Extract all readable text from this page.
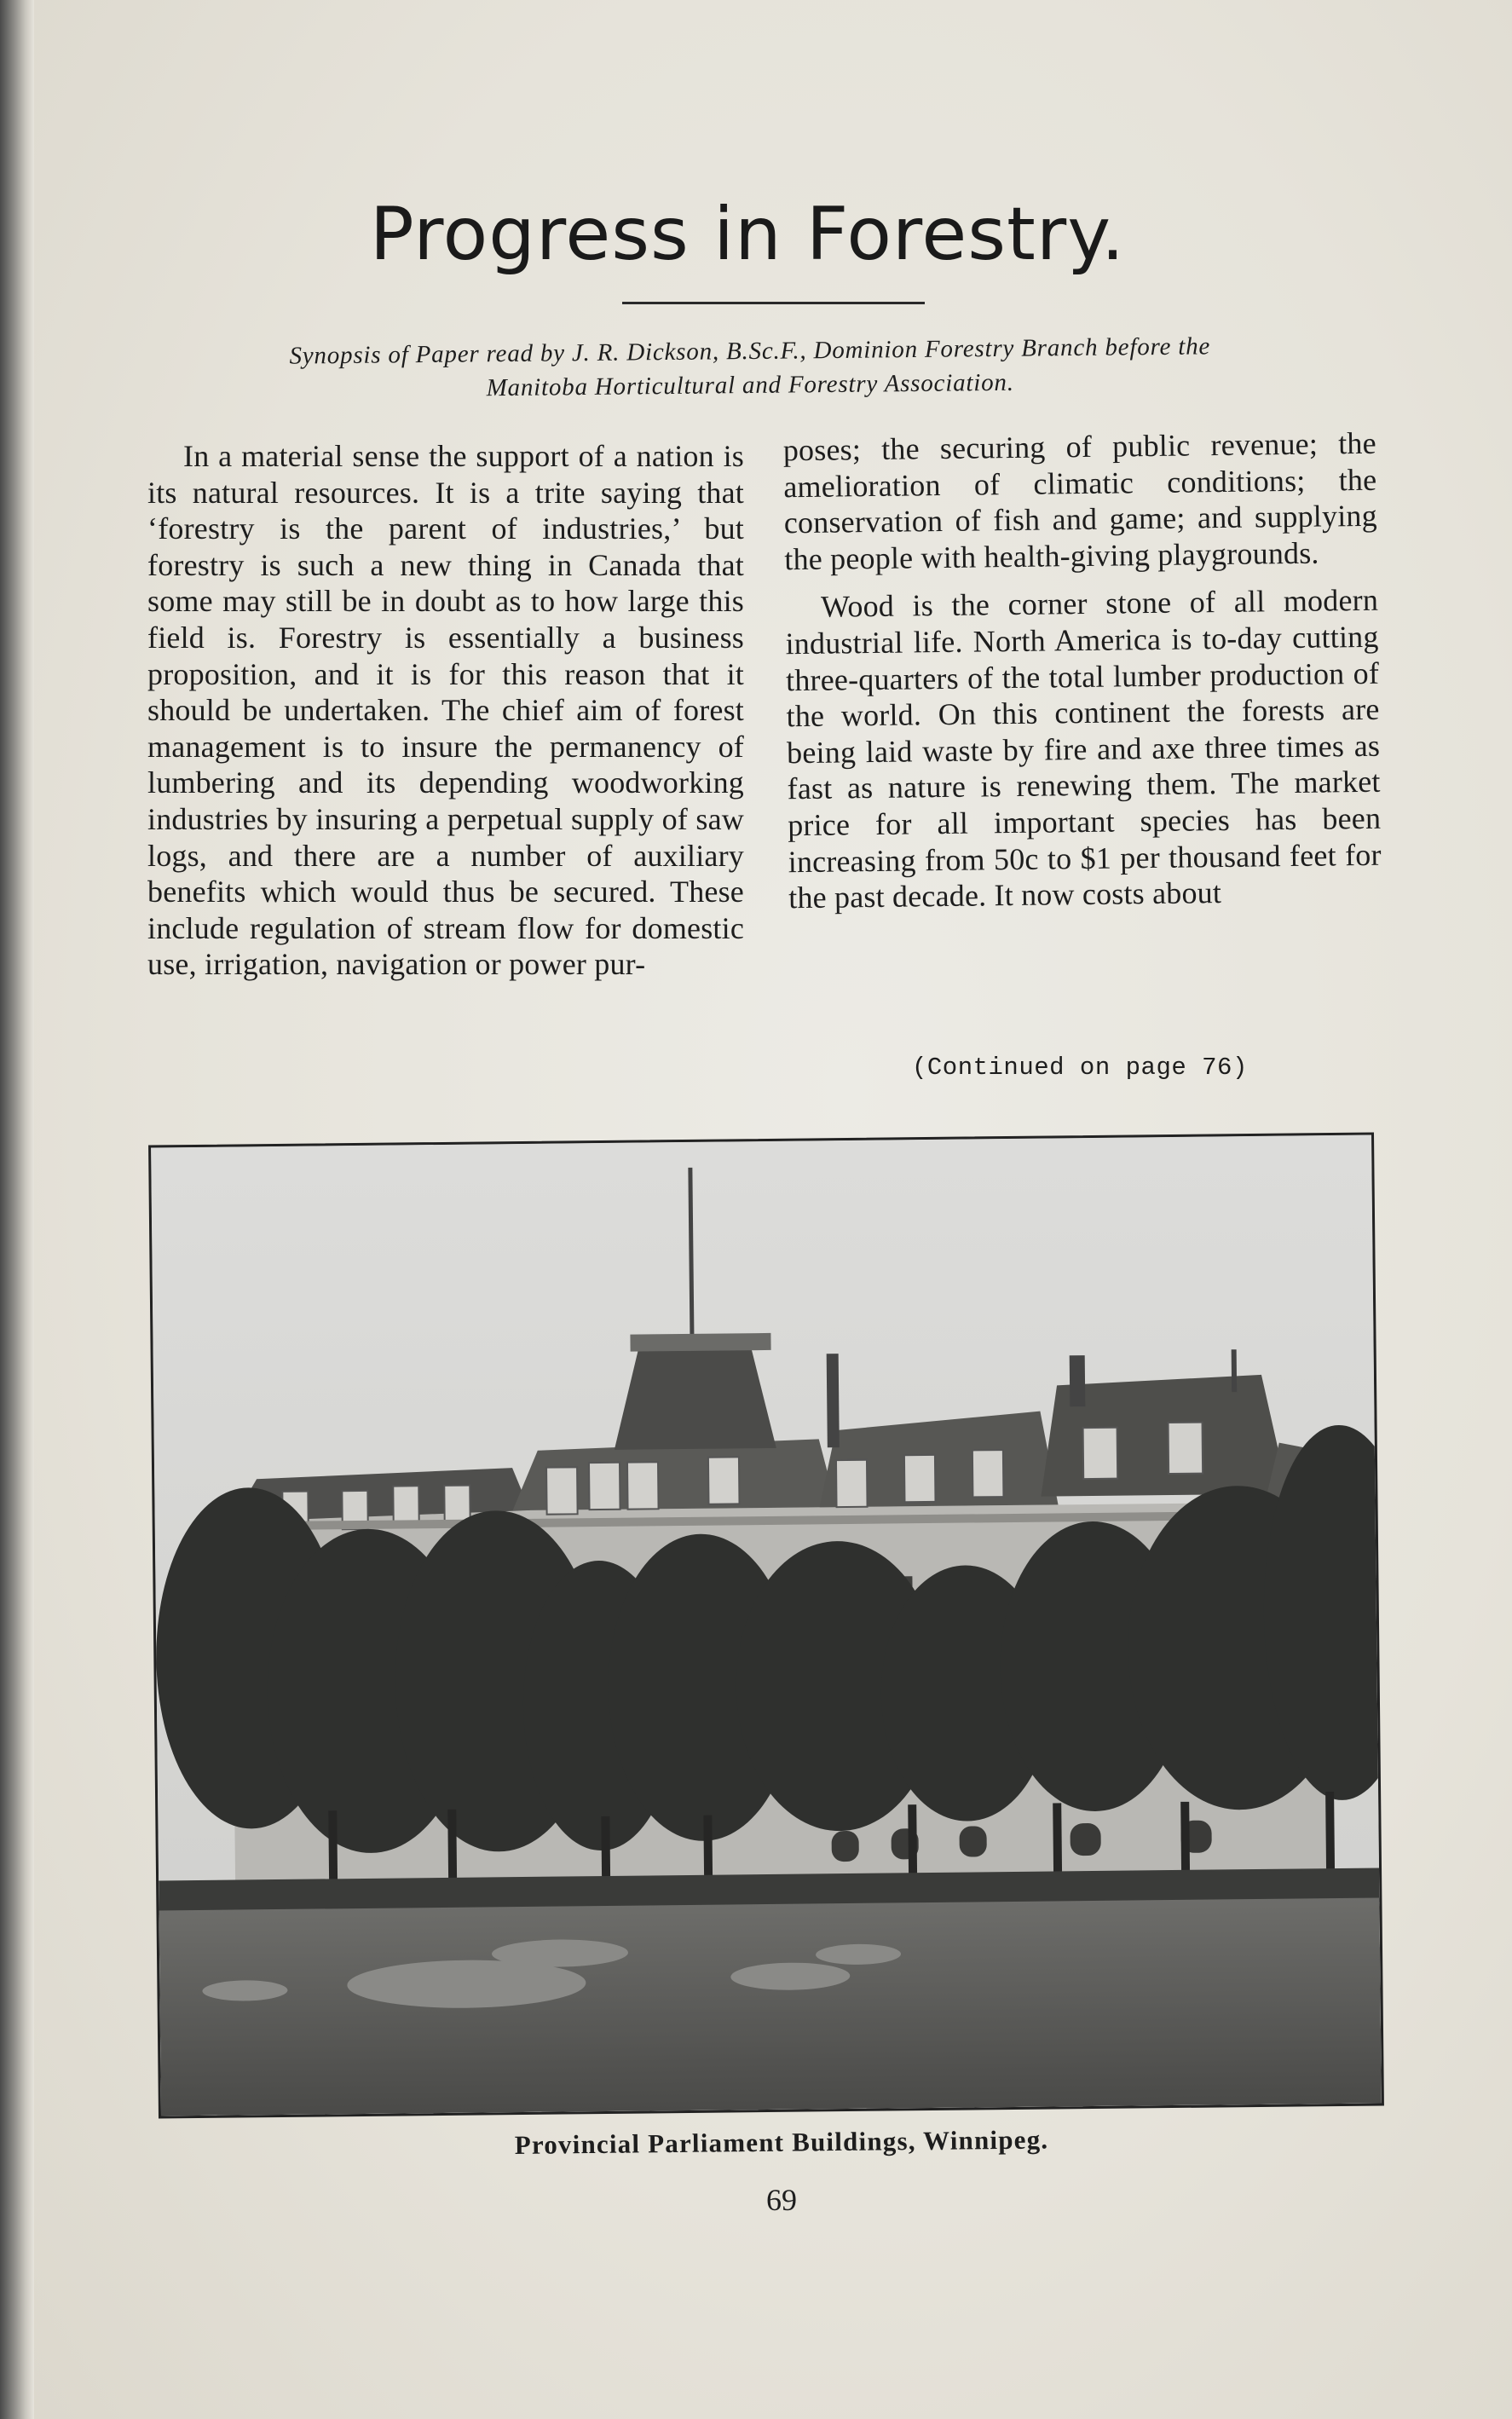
Progress in Forestry.
Synopsis of Paper read by J. R. Dickson, B.Sc.F., Dominion Forestry Branch before the
Manitoba Horticultural and Forestry Association.

In a material sense the support of a nation is its natural resources. It is a trite saying that ‘forestry is the parent of industries,’ but forestry is such a new thing in Canada that some may still be in doubt as to how large this field is. Forestry is essentially a business proposition, and it is for this reason that it should be undertaken. The chief aim of forest management is to insure the permanency of lumbering and its depending woodworking industries by insuring a perpetual supply of saw logs, and there are a number of auxiliary benefits which would thus be secured. These include regulation of stream flow for domestic use, irrigation, navigation or power pur-

poses; the securing of public revenue; the amelioration of climatic conditions; the conservation of fish and game; and supplying the people with health-giving playgrounds.

Wood is the corner stone of all modern industrial life. North America is to-day cutting three-quarters of the total lumber production of the world. On this continent the forests are being laid waste by fire and axe three times as fast as nature is renewing them. The market price for all important species has been increasing from 50c to $1 per thousand feet for the past decade. It now costs about

(Continued on page 76)
Provincial Parliament Buildings, Winnipeg.
69
